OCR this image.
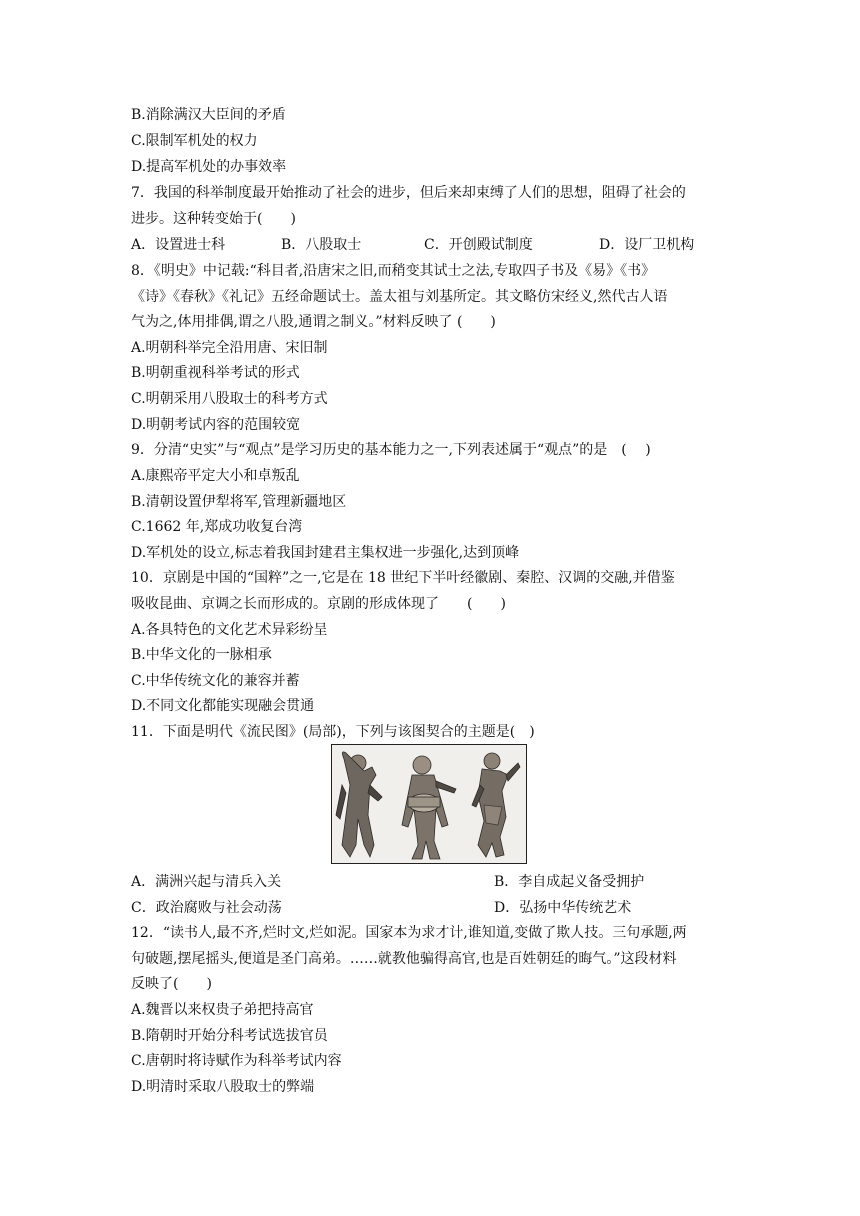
B.消除满汉大臣间的矛盾
C.限制军机处的权力
D.提高军机处的办事效率
7．我国的科举制度最开始推动了社会的进步，但后来却束缚了人们的思想，阻碍了社会的
进步。这种转变始于(　　)
A．设置进士科	B．八股取士	C．开创殿试制度	D．设厂卫机构
8．《明史》中记载:“科目者,沿唐宋之旧,而稍变其试士之法,专取四子书及《易》《书》
《诗》《春秋》《礼记》五经命题试士。盖太祖与刘基所定。其文略仿宋经义,然代古人语
气为之,体用排偶,谓之八股,通谓之制义。”材料反映了 (　　)
A.明朝科举完全沿用唐、宋旧制
B.明朝重视科举考试的形式
C.明朝采用八股取士的科考方式
D.明朝考试内容的范围较宽
9．分清“史实”与“观点”是学习历史的基本能力之一,下列表述属于“观点”的是　(　 )
A.康熙帝平定大小和卓叛乱
B.清朝设置伊犁将军,管理新疆地区
C.1662 年,郑成功收复台湾
D.军机处的设立,标志着我国封建君主集权进一步强化,达到顶峰
10．京剧是中国的“国粹”之一,它是在 18 世纪下半叶经徽剧、秦腔、汉调的交融,并借鉴
吸收昆曲、京调之长而形成的。京剧的形成体现了　　(　　)
A.各具特色的文化艺术异彩纷呈
B.中华文化的一脉相承
C.中华传统文化的兼容并蓄
D.不同文化都能实现融会贯通
11．下面是明代《流民图》(局部)，下列与该图契合的主题是(　)
A．满洲兴起与清兵入关	B．李自成起义备受拥护
C．政治腐败与社会动荡	D．弘扬中华传统艺术
12．“读书人,最不齐,烂时文,烂如泥。国家本为求才计,谁知道,变做了欺人技。三句承题,两
句破题,摆尾摇头,便道是圣门高弟。……就教他骗得高官,也是百姓朝廷的晦气。”这段材料
反映了(　　)
A.魏晋以来权贵子弟把持高官
B.隋朝时开始分科考试选拔官员
C.唐朝时将诗赋作为科举考试内容
D.明清时采取八股取士的弊端
